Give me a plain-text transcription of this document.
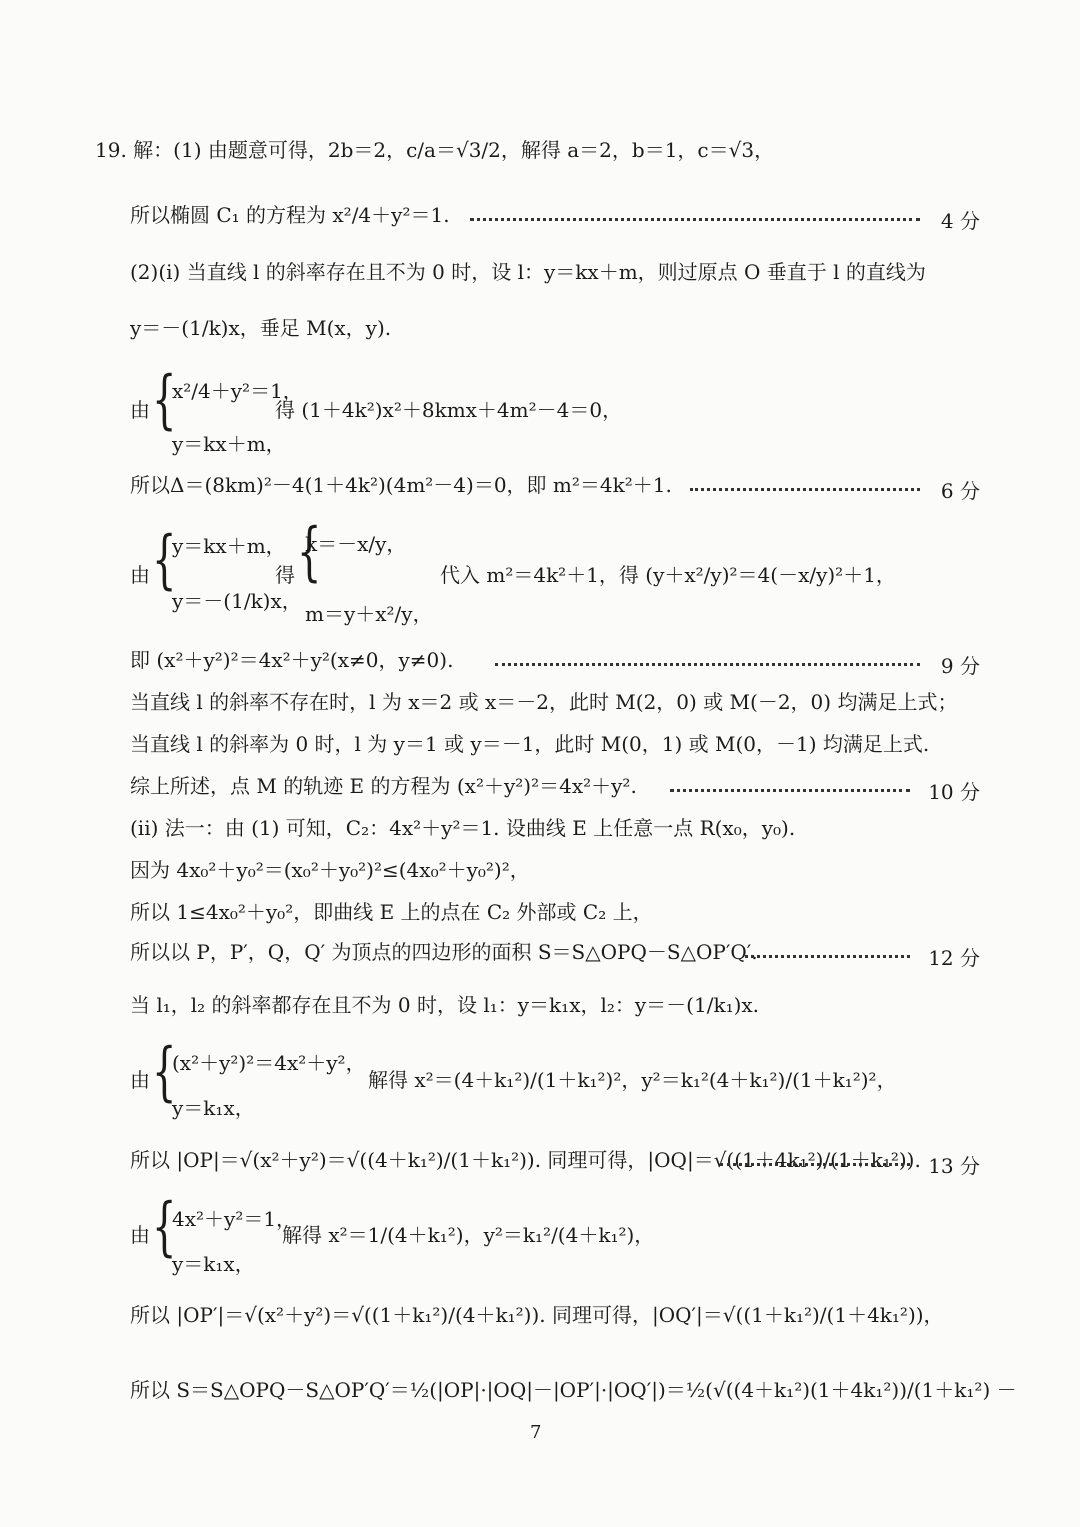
19. 解：(1) 由题意可得，2b＝2，c/a＝√3/2，解得 a＝2，b＝1，c＝√3，
所以椭圆 C₁ 的方程为 x²/4＋y²＝1.	4 分
(2)(i) 当直线 l 的斜率存在且不为 0 时，设 l：y＝kx＋m，则过原点 O 垂直于 l 的直线为
y＝－(1/k)x，垂足 M(x，y).
由 {
x²/4＋y²＝1，
y＝kx＋m，
得 (1＋4k²)x²＋8kmx＋4m²－4＝0，
所以Δ＝(8km)²－4(1＋4k²)(4m²－4)＝0，即 m²＝4k²＋1.	6 分
由 {
y＝kx＋m，
y＝－(1/k)x，
得 {
k＝－x/y，
m＝y＋x²/y，
代入 m²＝4k²＋1，得 (y＋x²/y)²＝4(－x/y)²＋1，
即 (x²＋y²)²＝4x²＋y²(x≠0，y≠0).	9 分
当直线 l 的斜率不存在时，l 为 x＝2 或 x＝－2，此时 M(2，0) 或 M(－2，0) 均满足上式；
当直线 l 的斜率为 0 时，l 为 y＝1 或 y＝－1，此时 M(0，1) 或 M(0，－1) 均满足上式.
综上所述，点 M 的轨迹 E 的方程为 (x²＋y²)²＝4x²＋y².	10 分
(ii) 法一：由 (1) 可知，C₂：4x²＋y²＝1. 设曲线 E 上任意一点 R(x₀，y₀).
因为 4x₀²＋y₀²＝(x₀²＋y₀²)²≤(4x₀²＋y₀²)²，
所以 1≤4x₀²＋y₀²，即曲线 E 上的点在 C₂ 外部或 C₂ 上，
所以以 P，P′，Q，Q′ 为顶点的四边形的面积 S＝S△OPQ－S△OP′Q′.	12 分
当 l₁，l₂ 的斜率都存在且不为 0 时，设 l₁：y＝k₁x，l₂：y＝－(1/k₁)x.
由 {
(x²＋y²)²＝4x²＋y²，
y＝k₁x，
解得 x²＝(4＋k₁²)/(1＋k₁²)²，y²＝k₁²(4＋k₁²)/(1＋k₁²)²，
所以 |OP|＝√(x²＋y²)＝√((4＋k₁²)/(1＋k₁²)). 同理可得，|OQ|＝√((1＋4k₁²)/(1＋k₁²)). 13 分
由 {
4x²＋y²＝1，
y＝k₁x，
解得 x²＝1/(4＋k₁²)，y²＝k₁²/(4＋k₁²)，
所以 |OP′|＝√(x²＋y²)＝√((1＋k₁²)/(4＋k₁²)). 同理可得，|OQ′|＝√((1＋k₁²)/(1＋4k₁²))，
所以 S＝S△OPQ－S△OP′Q′＝½(|OP|·|OQ|－|OP′|·|OQ′|)＝½(√((4＋k₁²)(1＋4k₁²))/(1＋k₁²) －
7
